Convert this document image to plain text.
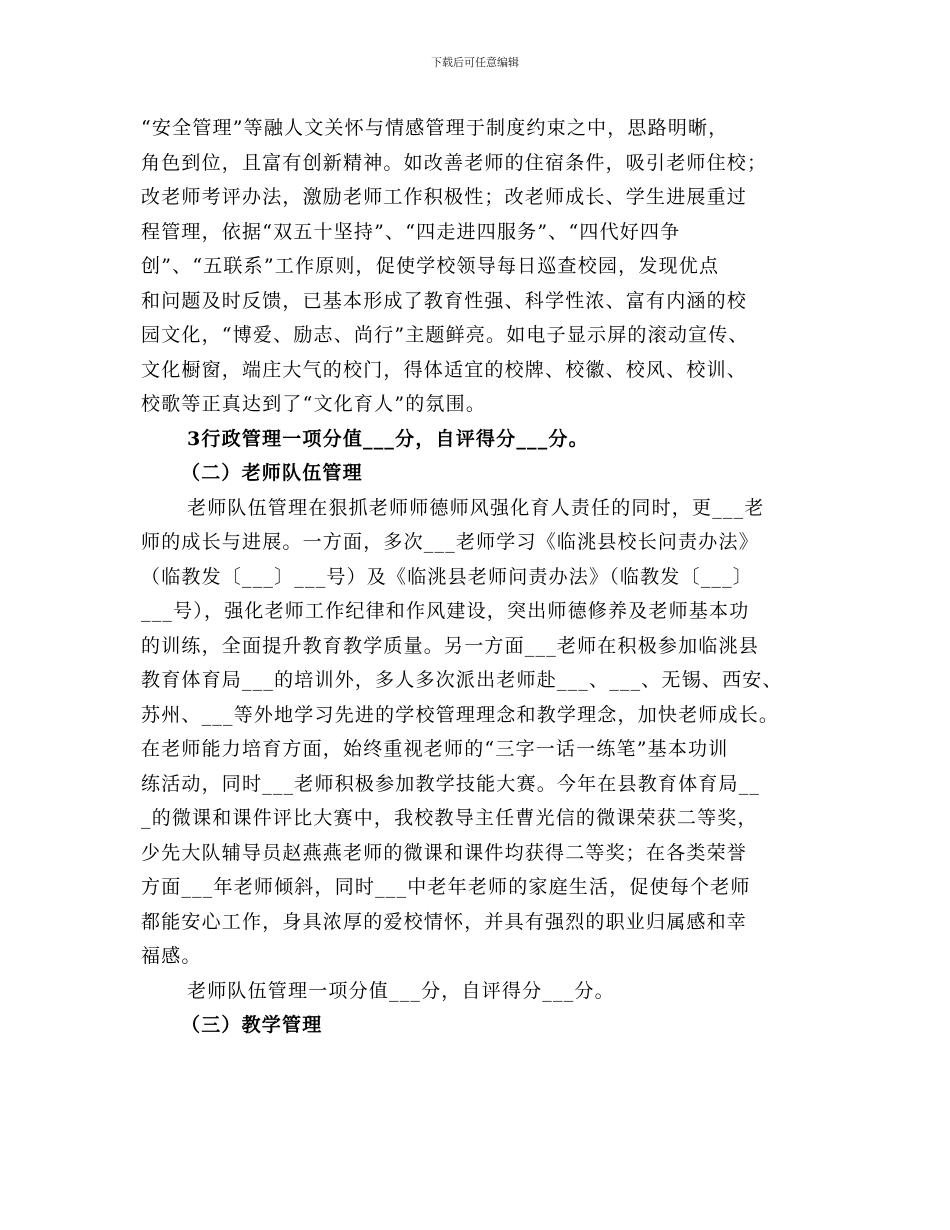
下载后可任意编辑
“安全管理”等融人文关怀与情感管理于制度约束之中，思路明晰，
角色到位，且富有创新精神。如改善老师的住宿条件，吸引老师住校；
改老师考评办法，激励老师工作积极性；改老师成长、学生进展重过
程管理，依据“双五十坚持”、“四走进四服务”、“四代好四争
创”、“五联系”工作原则，促使学校领导每日巡查校园，发现优点
和问题及时反馈，已基本形成了教育性强、科学性浓、富有内涵的校
园文化，“博爱、励志、尚行”主题鲜亮。如电子显示屏的滚动宣传、
文化橱窗，端庄大气的校门，得体适宜的校牌、校徽、校风、校训、
校歌等正真达到了“文化育人”的氛围。
3行政管理一项分值___分，自评得分___分。
（二）老师队伍管理
老师队伍管理在狠抓老师师德师风强化育人责任的同时，更___老
师的成长与进展。一方面，多次___老师学习《临洮县校长问责办法》
（临教发〔___〕___号）及《临洮县老师问责办法》（临教发〔___〕
___号），强化老师工作纪律和作风建设，突出师德修养及老师基本功
的训练，全面提升教育教学质量。另一方面___老师在积极参加临洮县
教育体育局___的培训外，多人多次派出老师赴___、___、无锡、西安、
苏州、___等外地学习先进的学校管理理念和教学理念，加快老师成长。
在老师能力培育方面，始终重视老师的“三字一话一练笔”基本功训
练活动，同时___老师积极参加教学技能大赛。今年在县教育体育局__
_的微课和课件评比大赛中，我校教导主任曹光信的微课荣获二等奖，
少先大队辅导员赵燕燕老师的微课和课件均获得二等奖；在各类荣誉
方面___年老师倾斜，同时___中老年老师的家庭生活，促使每个老师
都能安心工作，身具浓厚的爱校情怀，并具有强烈的职业归属感和幸
福感。
老师队伍管理一项分值___分，自评得分___分。
（三）教学管理
